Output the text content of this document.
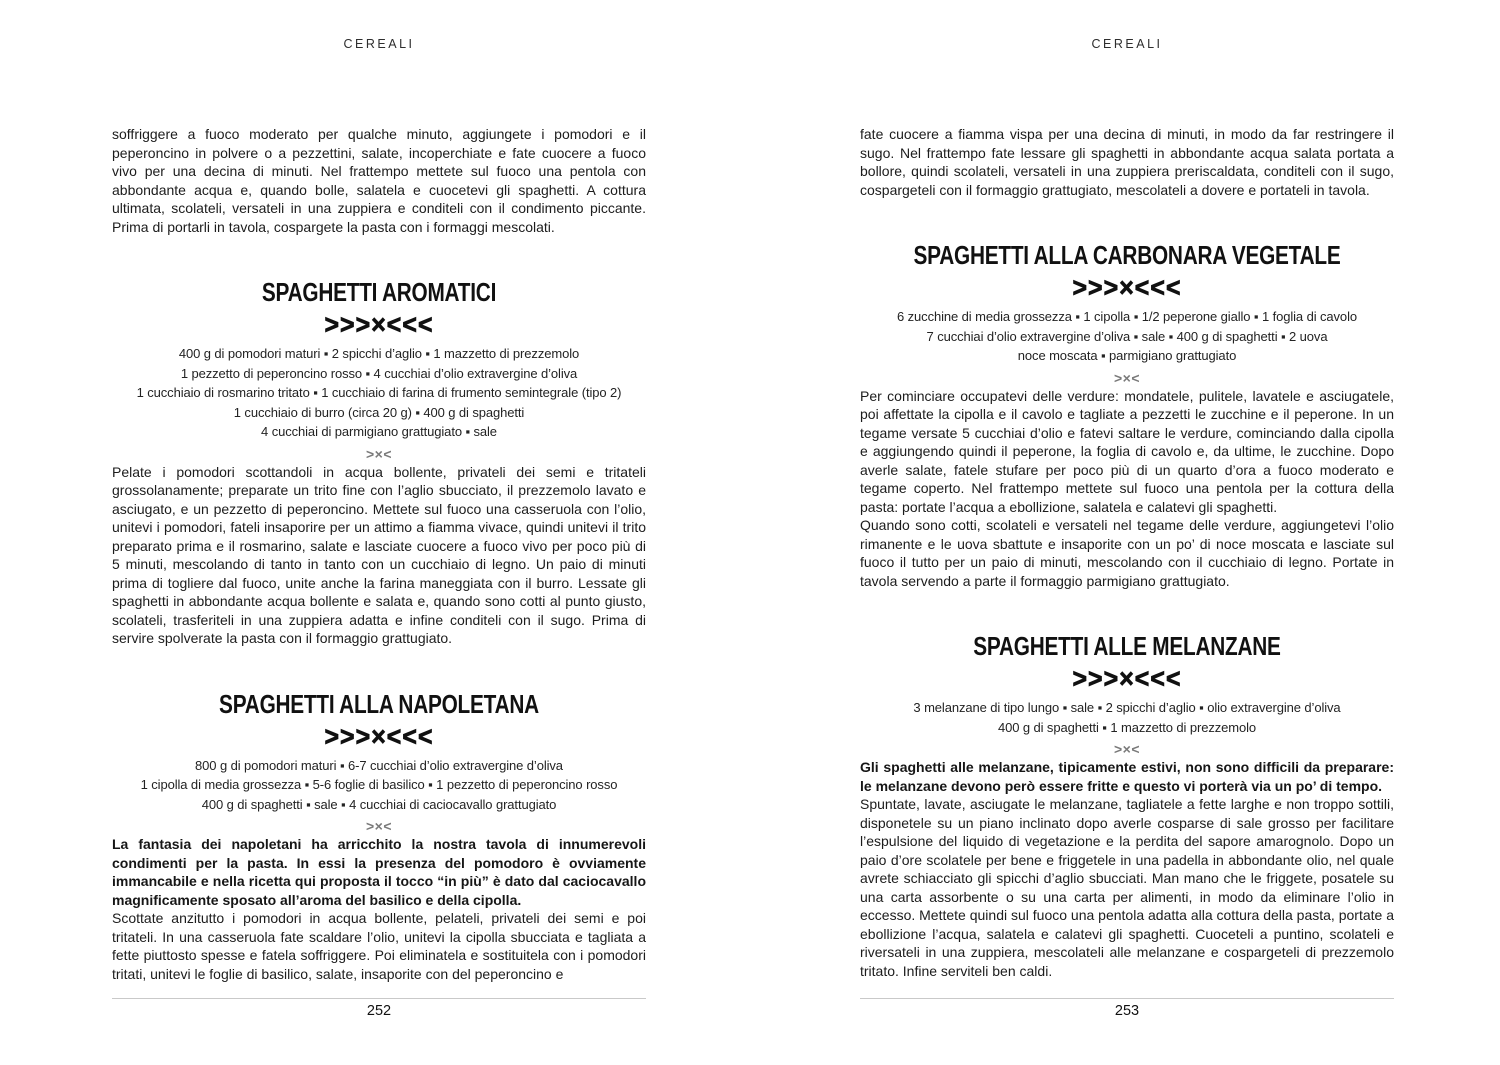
CEREALI

soffriggere a fuoco moderato per qualche minuto, aggiungete i pomodori e il peperoncino in polvere o a pezzettini, salate, incoperchiate e fate cuocere a fuoco vivo per una decina di minuti. Nel frattempo mettete sul fuoco una pentola con abbondante acqua e, quando bolle, salatela e cuocetevi gli spaghetti. A cottura ultimata, scolateli, versateli in una zuppiera e conditeli con il condimento piccante. Prima di portarli in tavola, cospargete la pasta con i formaggi mescolati.

SPAGHETTI AROMATICI
>>>×<<<
400 g di pomodori maturi ▪ 2 spicchi d’aglio ▪ 1 mazzetto di prezzemolo
1 pezzetto di peperoncino rosso ▪ 4 cucchiai d’olio extravergine d’oliva
1 cucchiaio di rosmarino tritato ▪ 1 cucchiaio di farina di frumento semintegrale (tipo 2)
1 cucchiaio di burro (circa 20 g) ▪ 400 g di spaghetti
4 cucchiai di parmigiano grattugiato ▪ sale
>×<

Pelate i pomodori scottandoli in acqua bollente, privateli dei semi e tritateli grossolanamente; preparate un trito fine con l’aglio sbucciato, il prezzemolo lavato e asciugato, e un pezzetto di peperoncino. Mettete sul fuoco una casseruola con l’olio, unitevi i pomodori, fateli insaporire per un attimo a fiamma vivace, quindi unitevi il trito preparato prima e il rosmarino, salate e lasciate cuocere a fuoco vivo per poco più di 5 minuti, mescolando di tanto in tanto con un cucchiaio di legno. Un paio di minuti prima di togliere dal fuoco, unite anche la farina maneggiata con il burro. Lessate gli spaghetti in abbondante acqua bollente e salata e, quando sono cotti al punto giusto, scolateli, trasferiteli in una zuppiera adatta e infine conditeli con il sugo. Prima di servire spolverate la pasta con il formaggio grattugiato.

SPAGHETTI ALLA NAPOLETANA
>>>×<<<
800 g di pomodori maturi ▪ 6-7 cucchiai d’olio extravergine d’oliva
1 cipolla di media grossezza ▪ 5-6 foglie di basilico ▪ 1 pezzetto di peperoncino rosso
400 g di spaghetti ▪ sale ▪ 4 cucchiai di caciocavallo grattugiato
>×<

La fantasia dei napoletani ha arricchito la nostra tavola di innumerevoli condimenti per la pasta. In essi la presenza del pomodoro è ovviamente immancabile e nella ricetta qui proposta il tocco “in più” è dato dal caciocavallo magnificamente sposato all’aroma del basilico e della cipolla.

Scottate anzitutto i pomodori in acqua bollente, pelateli, privateli dei semi e poi tritateli. In una casseruola fate scaldare l’olio, unitevi la cipolla sbucciata e tagliata a fette piuttosto spesse e fatela soffriggere. Poi eliminatela e sostituitela con i pomodori tritati, unitevi le foglie di basilico, salate, insaporite con del peperoncino e

252
CEREALI

fate cuocere a fiamma vispa per una decina di minuti, in modo da far restringere il sugo. Nel frattempo fate lessare gli spaghetti in abbondante acqua salata portata a bollore, quindi scolateli, versateli in una zuppiera preriscaldata, conditeli con il sugo, cospargeteli con il formaggio grattugiato, mescolateli a dovere e portateli in tavola.

SPAGHETTI ALLA CARBONARA VEGETALE
>>>×<<<
6 zucchine di media grossezza ▪ 1 cipolla ▪ 1/2 peperone giallo ▪ 1 foglia di cavolo
7 cucchiai d’olio extravergine d’oliva ▪ sale ▪ 400 g di spaghetti ▪ 2 uova
noce moscata ▪ parmigiano grattugiato
>×<

Per cominciare occupatevi delle verdure: mondatele, pulitele, lavatele e asciugatele, poi affettate la cipolla e il cavolo e tagliate a pezzetti le zucchine e il peperone. In un tegame versate 5 cucchiai d’olio e fatevi saltare le verdure, cominciando dalla cipolla e aggiungendo quindi il peperone, la foglia di cavolo e, da ultime, le zucchine. Dopo averle salate, fatele stufare per poco più di un quarto d’ora a fuoco moderato e tegame coperto. Nel frattempo mettete sul fuoco una pentola per la cottura della pasta: portate l’acqua a ebollizione, salatela e calatevi gli spaghetti.

Quando sono cotti, scolateli e versateli nel tegame delle verdure, aggiungetevi l’olio rimanente e le uova sbattute e insaporite con un po’ di noce moscata e lasciate sul fuoco il tutto per un paio di minuti, mescolando con il cucchiaio di legno. Portate in tavola servendo a parte il formaggio parmigiano grattugiato.

SPAGHETTI ALLE MELANZANE
>>>×<<<
3 melanzane di tipo lungo ▪ sale ▪ 2 spicchi d’aglio ▪ olio extravergine d’oliva
400 g di spaghetti ▪ 1 mazzetto di prezzemolo
>×<

Gli spaghetti alle melanzane, tipicamente estivi, non sono difficili da preparare: le melanzane devono però essere fritte e questo vi porterà via un po’ di tempo.

Spuntate, lavate, asciugate le melanzane, tagliatele a fette larghe e non troppo sottili, disponetele su un piano inclinato dopo averle cosparse di sale grosso per facilitare l’espulsione del liquido di vegetazione e la perdita del sapore amarognolo. Dopo un paio d’ore scolatele per bene e friggetele in una padella in abbondante olio, nel quale avrete schiacciato gli spicchi d’aglio sbucciati. Man mano che le friggete, posatele su una carta assorbente o su una carta per alimenti, in modo da eliminare l’olio in eccesso. Mettete quindi sul fuoco una pentola adatta alla cottura della pasta, portate a ebollizione l’acqua, salatela e calatevi gli spaghetti. Cuoceteli a puntino, scolateli e riversateli in una zuppiera, mescolateli alle melanzane e cospargeteli di prezzemolo tritato. Infine serviteli ben caldi.

253
